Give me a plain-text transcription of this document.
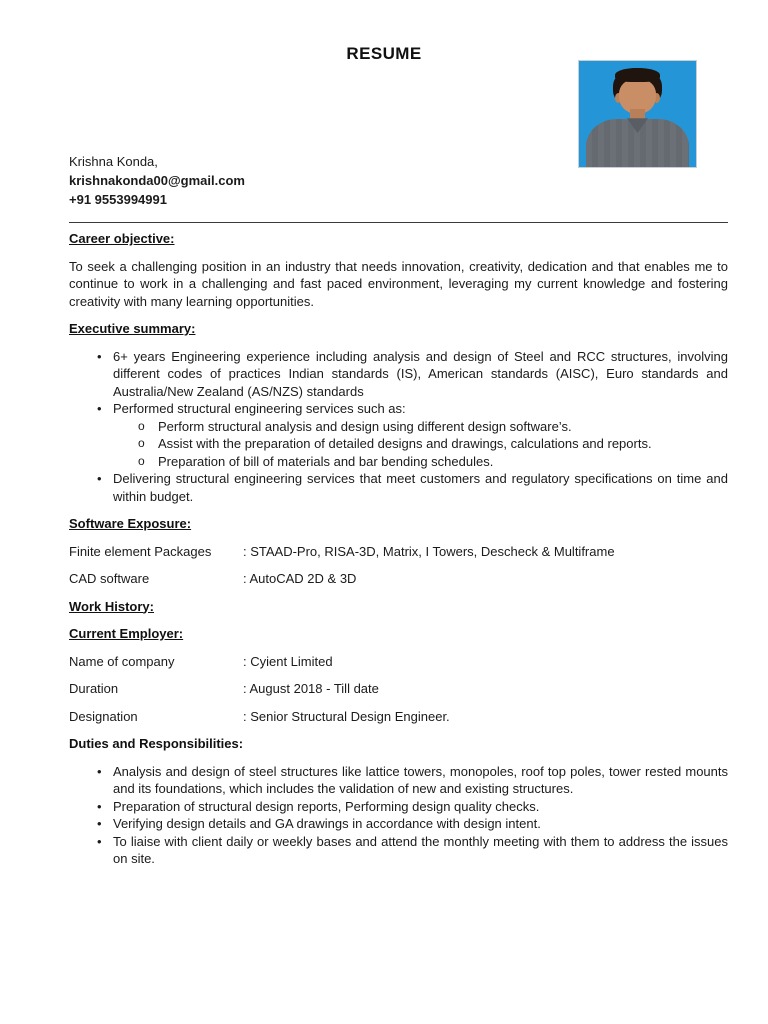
RESUME
Krishna Konda,
krishnakonda00@gmail.com
+91 9553994991
Career objective:

To seek a challenging position in an industry that needs innovation, creativity, dedication and that enables me to continue to work in a challenging and fast paced environment, leveraging my current knowledge and fostering creativity with many learning opportunities.

Executive summary:
• 6+ years Engineering experience including analysis and design of Steel and RCC structures, involving different codes of practices Indian standards (IS), American standards (AISC), Euro standards and Australia/New Zealand (AS/NZS) standards
• Performed structural engineering services such as:
o	Perform structural analysis and design using different design software’s.
o	Assist with the preparation of detailed designs and drawings, calculations and reports.
o	Preparation of bill of materials and bar bending schedules.
• Delivering structural engineering services that meet customers and regulatory specifications on time and within budget.
Software Exposure:
Finite element Packages	: STAAD-Pro, RISA-3D, Matrix, I Towers, Descheck & Multiframe
CAD software	: AutoCAD 2D & 3D
Work History:
Current Employer:
Name of company	: Cyient Limited
Duration	: August 2018 - Till date
Designation	: Senior Structural Design Engineer.
Duties and Responsibilities:
• Analysis and design of steel structures like lattice towers, monopoles, roof top poles, tower rested mounts and its foundations, which includes the validation of new and existing structures.
• Preparation of structural design reports, Performing design quality checks.
• Verifying design details and GA drawings in accordance with design intent.
• To liaise with client daily or weekly bases and attend the monthly meeting with them to address the issues on site.
